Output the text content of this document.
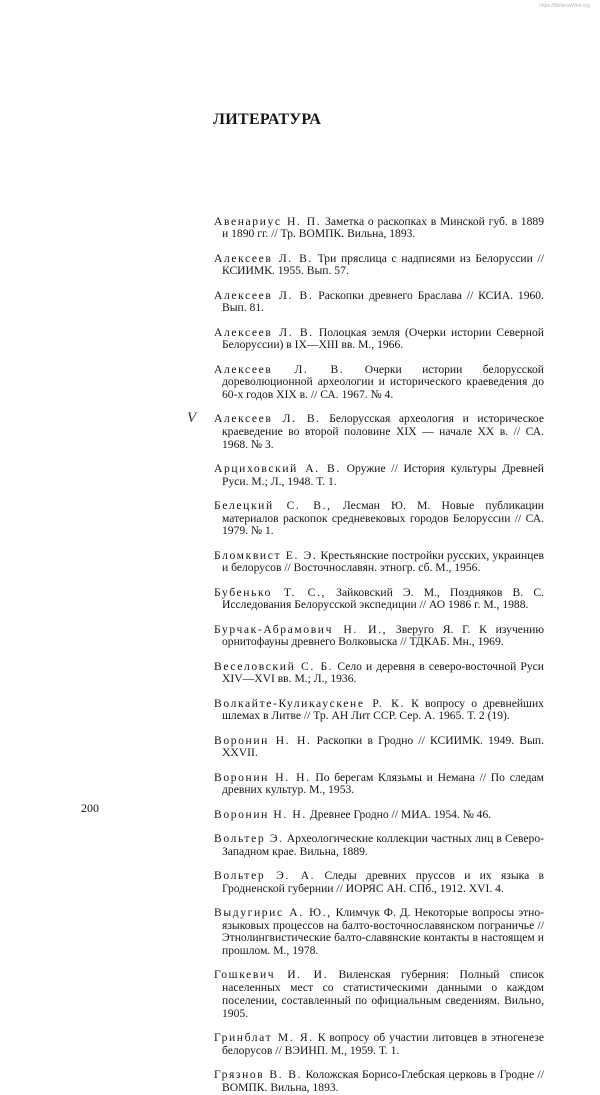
https://BelarusWeb.org
ЛИТЕРАТУРА
V

Авенариус Н. П. Заметка о раскопках в Минской губ. в 1889 и 1890 гг. // Тр. ВОМПК. Вильна, 1893.

Алексеев Л. В. Три пряслица с надписями из Белоруссии // КСИИМК. 1955. Вып. 57.

Алексеев Л. В. Раскопки древнего Браслава // КСИА. 1960. Вып. 81.

Алексеев Л. В. Полоцкая земля (Очерки истории Северной Белоруссии) в IX—XIII вв. М., 1966.

Алексеев Л. В. Очерки истории белорусской дореволюционной археологии и исторического краеведения до 60-х годов XIX в. // СА. 1967. № 4.

Алексеев Л. В. Белорусская археология и историческое краеведение во второй половине XIX — начале XX в. // СА. 1968. № 3.

Арциховский А. В. Оружие // История культуры Древней Руси. М.; Л., 1948. Т. 1.

Белецкий С. В., Лесман Ю. М. Новые публикации материалов раскопок средневековых городов Белоруссии // СА. 1979. № 1.

Бломквист Е. Э. Крестьянские постройки русских, украинцев и белорусов // Восточнославян. этногр. сб. М., 1956.

Бубенько Т. С., Зайковский Э. М., Поздняков В. С. Исследования Белорусской экспедиции // АО 1986 г. М., 1988.

Бурчак-Абрамович Н. И., Зверуго Я. Г. К изучению орнитофауны древнего Волковыска // ТДКАБ. Мн., 1969.

Веселовский С. Б. Село и деревня в северо-восточной Руси XIV—XVI вв. М.; Л., 1936.

Волкайте-Куликаускене Р. К. К вопросу о древнейших шлемах в Литве // Тр. АН Лит ССР. Сер. А. 1965. Т. 2 (19).

Воронин Н. Н. Раскопки в Гродно // КСИИМК. 1949. Вып. XXVII.

Воронин Н. Н. По берегам Клязьмы и Немана // По следам древних культур. М., 1953.

Воронин Н. Н. Древнее Гродно // МИА. 1954. № 46.

Вольтер Э. Археологические коллекции частных лиц в Северо-Западном крае. Вильна, 1889.

Вольтер Э. А. Следы древних пруссов и их языка в Гродненской губернии // ИОРЯС АН. СПб., 1912. XVI. 4.

Выдугирис А. Ю., Климчук Ф. Д. Некоторые вопросы этно-языковых процессов на балто-восточнославянском пограничье // Этнолингвистические балто-славянские контакты в настоящем и прошлом. М., 1978.

Гошкевич И. И. Виленская губерния: Полный список населенных мест со статистическими данными о каждом поселении, составленный по официальным сведениям. Вильно, 1905.

Гринблат М. Я. К вопросу об участии литовцев в этногенезе белорусов // ВЭИНП. М., 1959. Т. 1.

Грязнов В. В. Коложская Борисо-Глебская церковь в Гродне // ВОМПК. Вильна, 1893.

200
